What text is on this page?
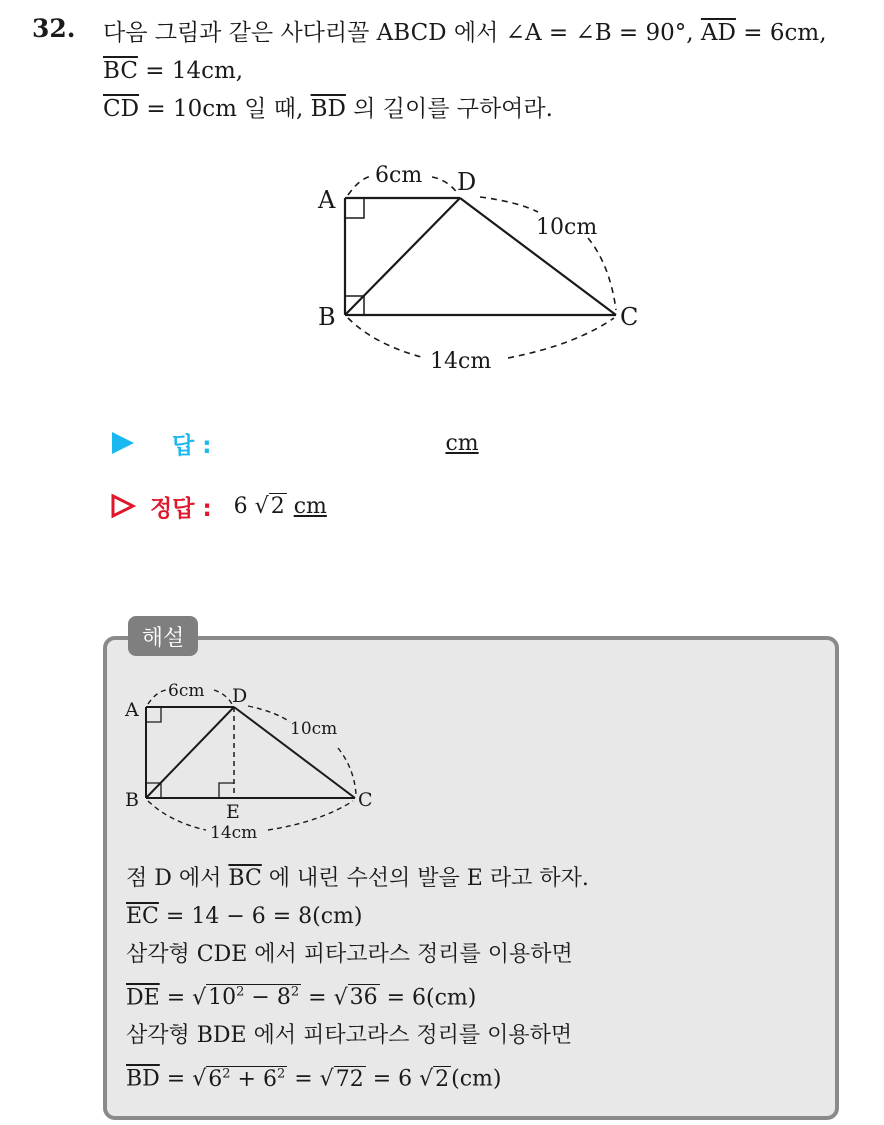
32. 다음 그림과 같은 사다리꼴 ABCD 에서 ∠A = ∠B = 90°, $\overline{AD} = 6cm$,
$\overline{BC} = 14cm$,
$\overline{CD} = 10cm$ 일 때, $\overline{BD}$ 의 길이를 구하여라.
A
B	C
D
6cm
10cm
14cm
답 :	cm
정답 : 6 √2 cm
해설
A
B	C
D
E
6cm
10cm
14cm
점 D 에서 $\overline{BC}$ 에 내린 수선의 발을 E 라고 하자.
$\overline{EC} = 14 - 6 = 8(cm)$
삼각형 CDE 에서 피타고라스 정리를 이용하면
$\overline{DE} = √10^2 - 8^2 = √36 = 6(cm)$
삼각형 BDE 에서 피타고라스 정리를 이용하면
$\overline{BD} = √6^2 + 6^2 = √72 = 6$ √2(cm)
